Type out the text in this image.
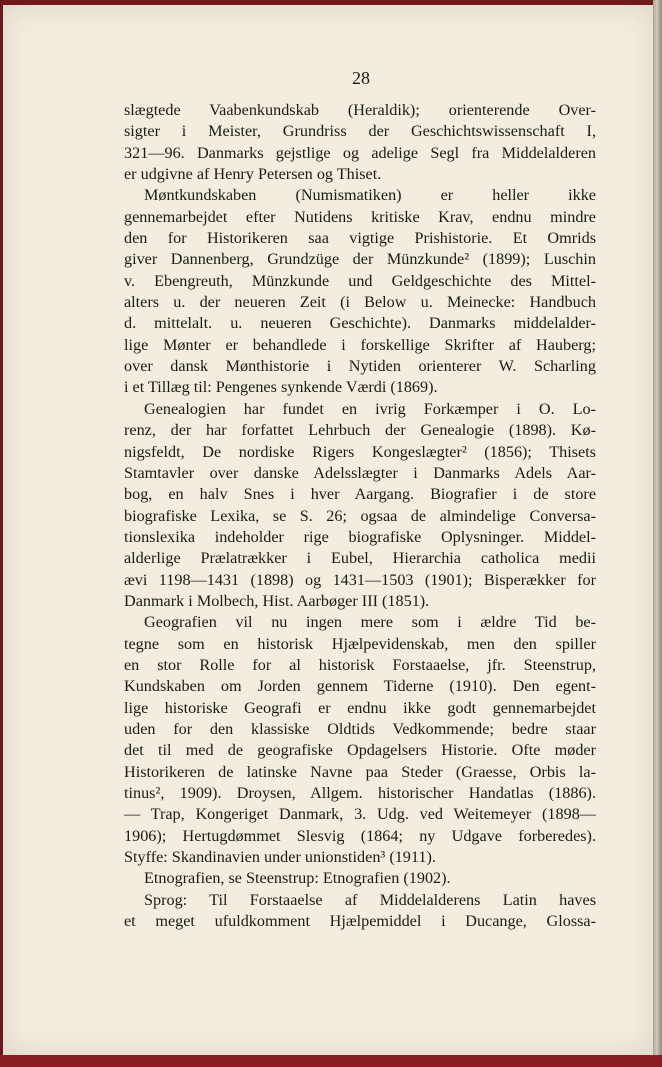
28
slægtede Vaabenkundskab (Heraldik); orienterende Over-
sigter i Meister, Grundriss der Geschichtswissenschaft I,
321—96. Danmarks gejstlige og adelige Segl fra Middelalderen
er udgivne af Henry Petersen og Thiset.
Møntkundskaben (Numismatiken) er heller ikke
gennemarbejdet efter Nutidens kritiske Krav, endnu mindre
den for Historikeren saa vigtige Prishistorie. Et Omrids
giver Dannenberg, Grundzüge der Münzkunde² (1899); Luschin
v. Ebengreuth, Münzkunde und Geldgeschichte des Mittel-
alters u. der neueren Zeit (i Below u. Meinecke: Handbuch
d. mittelalt. u. neueren Geschichte). Danmarks middelalder-
lige Mønter er behandlede i forskellige Skrifter af Hauberg;
over dansk Mønthistorie i Nytiden orienterer W. Scharling
i et Tillæg til: Pengenes synkende Værdi (1869).
Genealogien har fundet en ivrig Forkæmper i O. Lo-
renz, der har forfattet Lehrbuch der Genealogie (1898). Kø-
nigsfeldt, De nordiske Rigers Kongeslægter² (1856); Thisets
Stamtavler over danske Adelsslægter i Danmarks Adels Aar-
bog, en halv Snes i hver Aargang. Biografier i de store
biografiske Lexika, se S. 26; ogsaa de almindelige Conversa-
tionslexika indeholder rige biografiske Oplysninger. Middel-
alderlige Prælatrækker i Eubel, Hierarchia catholica medii
ævi 1198—1431 (1898) og 1431—1503 (1901); Bisperækker for
Danmark i Molbech, Hist. Aarbøger III (1851).
Geografien vil nu ingen mere som i ældre Tid be-
tegne som en historisk Hjælpevidenskab, men den spiller
en stor Rolle for al historisk Forstaaelse, jfr. Steenstrup,
Kundskaben om Jorden gennem Tiderne (1910). Den egent-
lige historiske Geografi er endnu ikke godt gennemarbejdet
uden for den klassiske Oldtids Vedkommende; bedre staar
det til med de geografiske Opdagelsers Historie. Ofte møder
Historikeren de latinske Navne paa Steder (Graesse, Orbis la-
tinus², 1909). Droysen, Allgem. historischer Handatlas (1886).
— Trap, Kongeriget Danmark, 3. Udg. ved Weitemeyer (1898—
1906); Hertugdømmet Slesvig (1864; ny Udgave forberedes).
Styffe: Skandinavien under unionstiden³ (1911).
Etnografien, se Steenstrup: Etnografien (1902).
Sprog: Til Forstaaelse af Middelalderens Latin haves
et meget ufuldkomment Hjælpemiddel i Ducange, Glossa-
